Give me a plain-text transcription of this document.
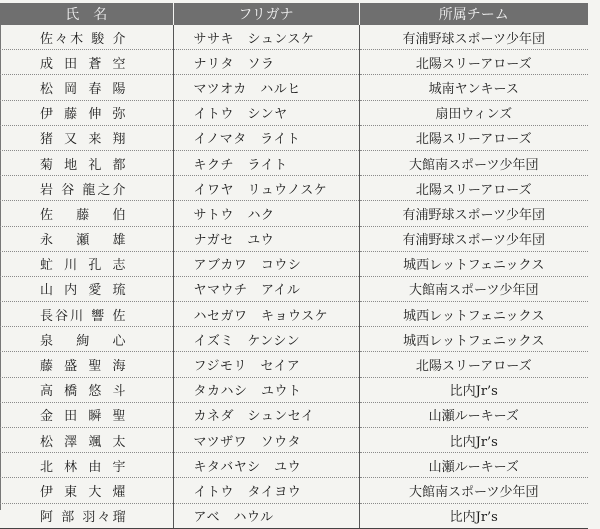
氏　名	フリガナ	所属チーム
佐々木 駿 介	ササキ　シュンスケ	有浦野球スポーツ少年団
成 田 蒼 空	ナリタ　ソラ	北陽スリーアローズ
松 岡 春 陽	マツオカ　ハルヒ	城南ヤンキース
伊 藤 伸 弥	イトウ　シンヤ	扇田ウィンズ
猪 又 来 翔	イノマタ　ライト	北陽スリーアローズ
菊 地 礼 都	キクチ　ライト	大館南スポーツ少年団
岩 谷 龍之介	イワヤ　リュウノスケ	北陽スリーアローズ
佐 藤 伯	サトウ　ハク	有浦野球スポーツ少年団
永 瀬 雄	ナガセ　ユウ	有浦野球スポーツ少年団
虻 川 孔 志	アブカワ　コウシ	城西レットフェニックス
山 内 愛 琉	ヤマウチ　アイル	大館南スポーツ少年団
長谷川 響 佐	ハセガワ　キョウスケ	城西レットフェニックス
泉 絢 心	イズミ　ケンシン	城西レットフェニックス
藤 盛 聖 海	フジモリ　セイア	北陽スリーアローズ
高 橋 悠 斗	タカハシ　ユウト	比内Jr’s
金 田 瞬 聖	カネダ　シュンセイ	山瀬ルーキーズ
松 澤 颯 太	マツザワ　ソウタ	比内Jr’s
北 林 由 宇	キタバヤシ　ユウ	山瀬ルーキーズ
伊 東 大 燿	イトウ　タイヨウ	大館南スポーツ少年団
阿 部 羽々瑠	アベ　ハウル	比内Jr’s
